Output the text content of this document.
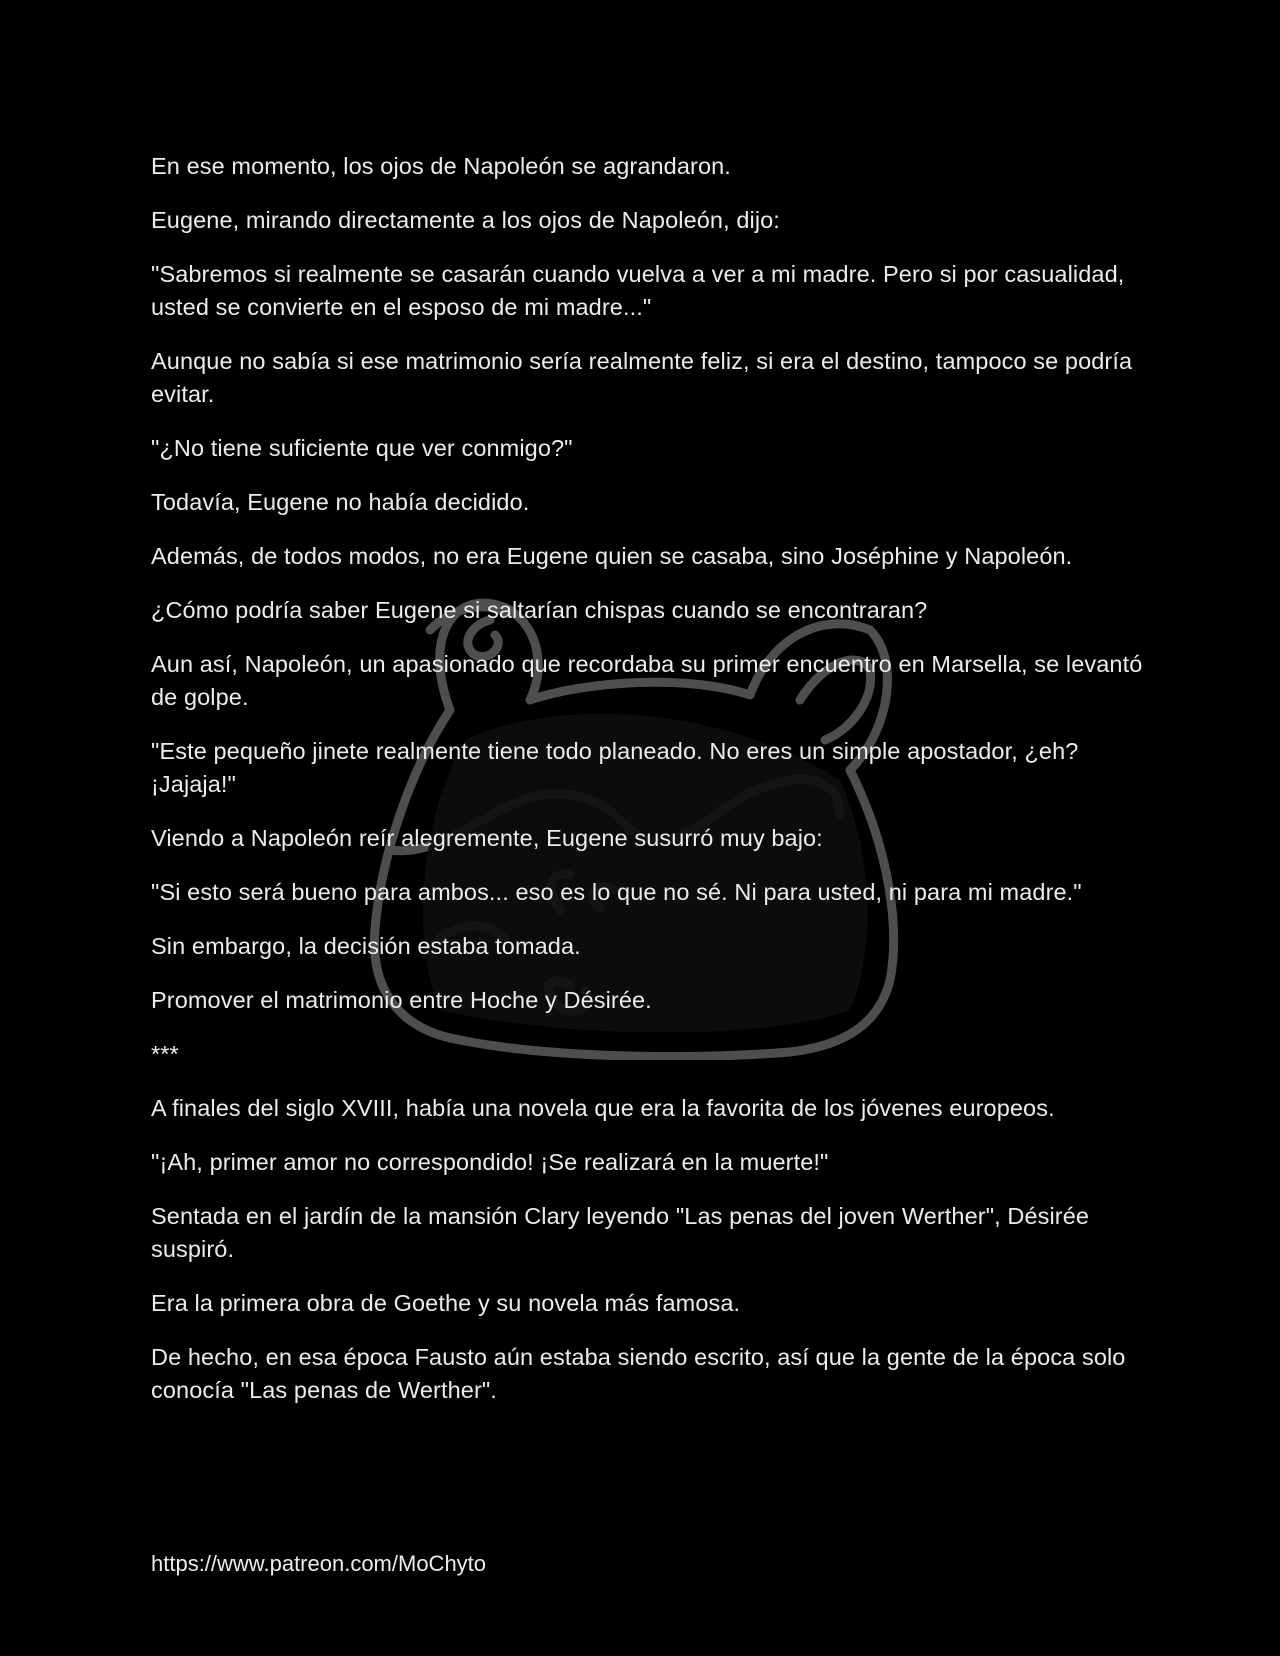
En ese momento, los ojos de Napoleón se agrandaron.

Eugene, mirando directamente a los ojos de Napoleón, dijo:

"Sabremos si realmente se casarán cuando vuelva a ver a mi madre. Pero si por casualidad, usted se convierte en el esposo de mi madre..."

Aunque no sabía si ese matrimonio sería realmente feliz, si era el destino, tampoco se podría evitar.

"¿No tiene suficiente que ver conmigo?"

Todavía, Eugene no había decidido.

Además, de todos modos, no era Eugene quien se casaba, sino Joséphine y Napoleón.

¿Cómo podría saber Eugene si saltarían chispas cuando se encontraran?

Aun así, Napoleón, un apasionado que recordaba su primer encuentro en Marsella, se levantó de golpe.

"Este pequeño jinete realmente tiene todo planeado. No eres un simple apostador, ¿eh? ¡Jajaja!"

Viendo a Napoleón reír alegremente, Eugene susurró muy bajo:

"Si esto será bueno para ambos... eso es lo que no sé. Ni para usted, ni para mi madre."

Sin embargo, la decisión estaba tomada.

Promover el matrimonio entre Hoche y Désirée.

***

A finales del siglo XVIII, había una novela que era la favorita de los jóvenes europeos.

"¡Ah, primer amor no correspondido! ¡Se realizará en la muerte!"

Sentada en el jardín de la mansión Clary leyendo "Las penas del joven Werther", Désirée suspiró.

Era la primera obra de Goethe y su novela más famosa.

De hecho, en esa época Fausto aún estaba siendo escrito, así que la gente de la época solo conocía "Las penas de Werther".

https://www.patreon.com/MoChyto
